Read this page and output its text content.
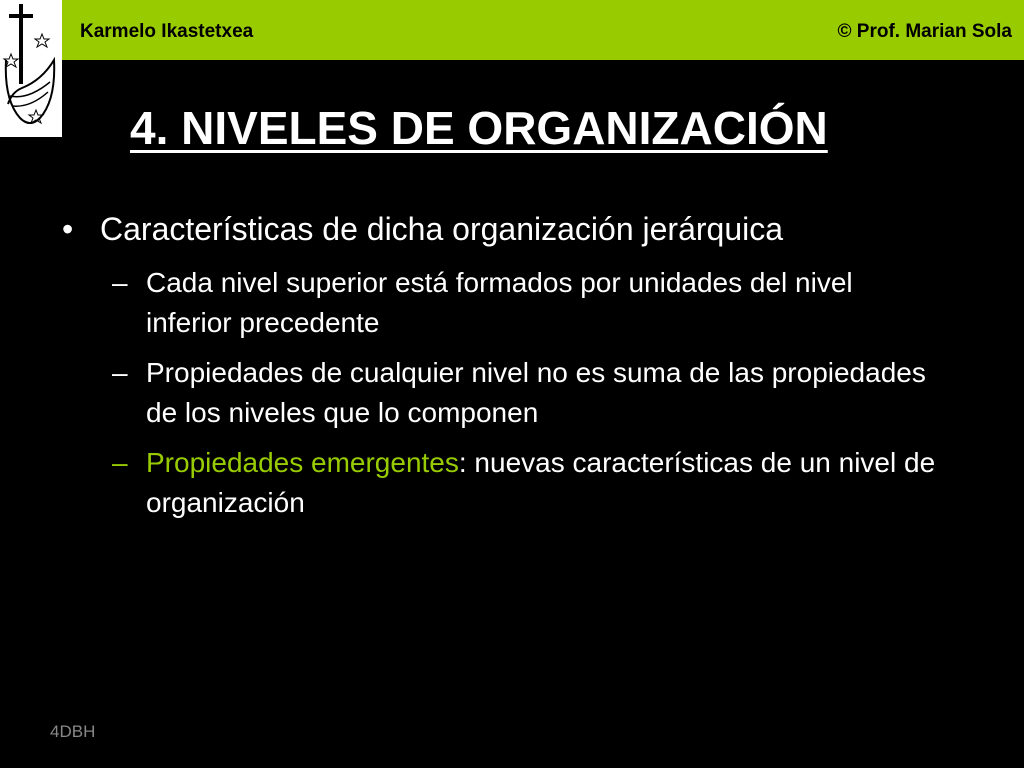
Karmelo Ikastetxea	© Prof. Marian Sola
4. NIVELES DE ORGANIZACIÓN
• Características de dicha organización jerárquica
– Cada nivel superior está formados por unidades del nivel inferior precedente
– Propiedades de cualquier nivel no es suma de las propiedades de los niveles que lo componen
– Propiedades emergentes: nuevas características de un nivel de organización
4DBH
